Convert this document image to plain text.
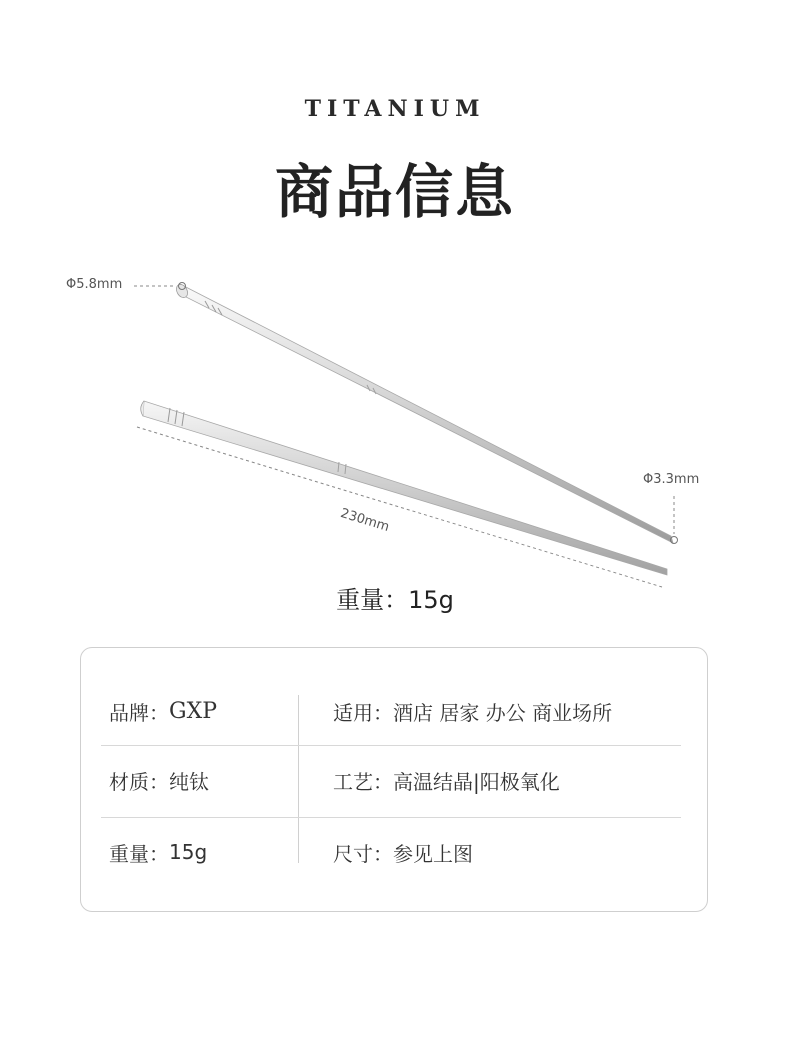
TITANIUM
商品信息
Φ5.8mm
Φ3.3mm
230mm
重量：15g
品牌： GXP	适用： 酒店 居家 办公 商业场所
材质： 纯钛	工艺： 高温结晶|阳极氧化
重量： 15g	尺寸： 参见上图
